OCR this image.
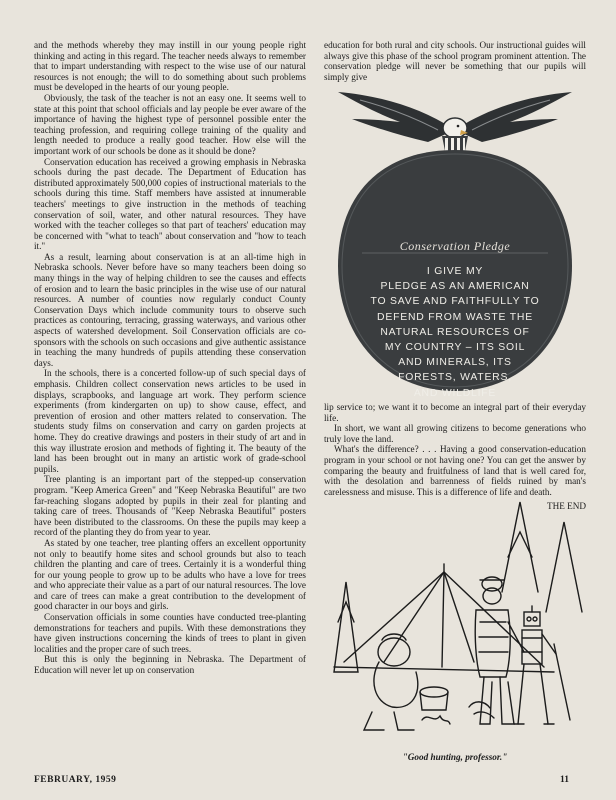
and the methods whereby they may instill in our young people right thinking and acting in this regard. The teacher needs always to remember that to impart understanding with respect to the wise use of our natural resources is not enough; the will to do something about such problems must be developed in the hearts of our young people.

Obviously, the task of the teacher is not an easy one. It seems well to state at this point that school officials and lay people be ever aware of the importance of having the highest type of personnel possible enter the teaching profession, and requiring college training of the quality and length needed to produce a really good teacher. How else will the important work of our schools be done as it should be done?

Conservation education has received a growing emphasis in Nebraska schools during the past decade. The Department of Education has distributed approximately 500,000 copies of instructional materials to the schools during this time. Staff members have assisted at innumerable teachers' meetings to give instruction in the methods of teaching conservation of soil, water, and other natural resources. They have worked with the teacher colleges so that part of teachers' education may be concerned with "what to teach" about conservation and "how to teach it."

As a result, learning about conservation is at an all-time high in Nebraska schools. Never before have so many teachers been doing so many things in the way of helping children to see the causes and effects of erosion and to learn the basic principles in the wise use of our natural resources. A number of counties now regularly conduct County Conservation Days which include community tours to observe such practices as contouring, terracing, grassing waterways, and various other aspects of watershed development. Soil Conservation officials are co-sponsors with the schools on such occasions and give authentic assistance in teaching the many hundreds of pupils attending these conservation days.

In the schools, there is a concerted follow-up of such special days of emphasis. Children collect conservation news articles to be used in displays, scrapbooks, and language art work. They perform science experiments (from kindergarten on up) to show cause, effect, and prevention of erosion and other matters related to conservation. The students study films on conservation and carry on garden projects at home. They do creative drawings and posters in their study of art and in this way illustrate erosion and methods of fighting it. The beauty of the land has been brought out in many an artistic work of grade-school pupils.

Tree planting is an important part of the stepped-up conservation program. "Keep America Green" and "Keep Nebraska Beautiful" are two far-reaching slogans adopted by pupils in their zeal for planting and taking care of trees. Thousands of "Keep Nebraska Beautiful" posters have been distributed to the classrooms. On these the pupils may keep a record of the planting they do from year to year.

As stated by one teacher, tree planting offers an excellent opportunity not only to beautify home sites and school grounds but also to teach children the planting and care of trees. Certainly it is a wonderful thing for our young people to grow up to be adults who have a love for trees and who appreciate their value as a part of our natural resources. The love and care of trees can make a great contribution to the development of good character in our boys and girls.

Conservation officials in some counties have conducted tree-planting demonstrations for teachers and pupils. With these demonstrations they have given instructions concerning the kinds of trees to plant in given localities and the proper care of such trees.

But this is only the beginning in Nebraska. The Department of Education will never let up on conservation

education for both rural and city schools. Our instructional guides will always give this phase of the school program prominent attention. The conservation pledge will never be something that our pupils will simply give

Conservation Pledge
I GIVE MY
PLEDGE AS AN AMERICAN
TO SAVE AND FAITHFULLY TO
DEFEND FROM WASTE THE
NATURAL RESOURCES OF
MY COUNTRY – ITS SOIL
AND MINERALS, ITS
FORESTS, WATERS,
AND WILDLIFE

lip service to; we want it to become an integral part of their everyday life.

In short, we want all growing citizens to become generations who truly love the land.

What's the difference? . . . Having a good conservation-education program in your school or not having one? You can get the answer by comparing the beauty and fruitfulness of land that is well cared for, with the desolation and barrenness of fields ruined by man's carelessness and misuse. This is a difference of life and death.

THE END
"Good hunting, professor."
FEBRUARY, 1959	11
